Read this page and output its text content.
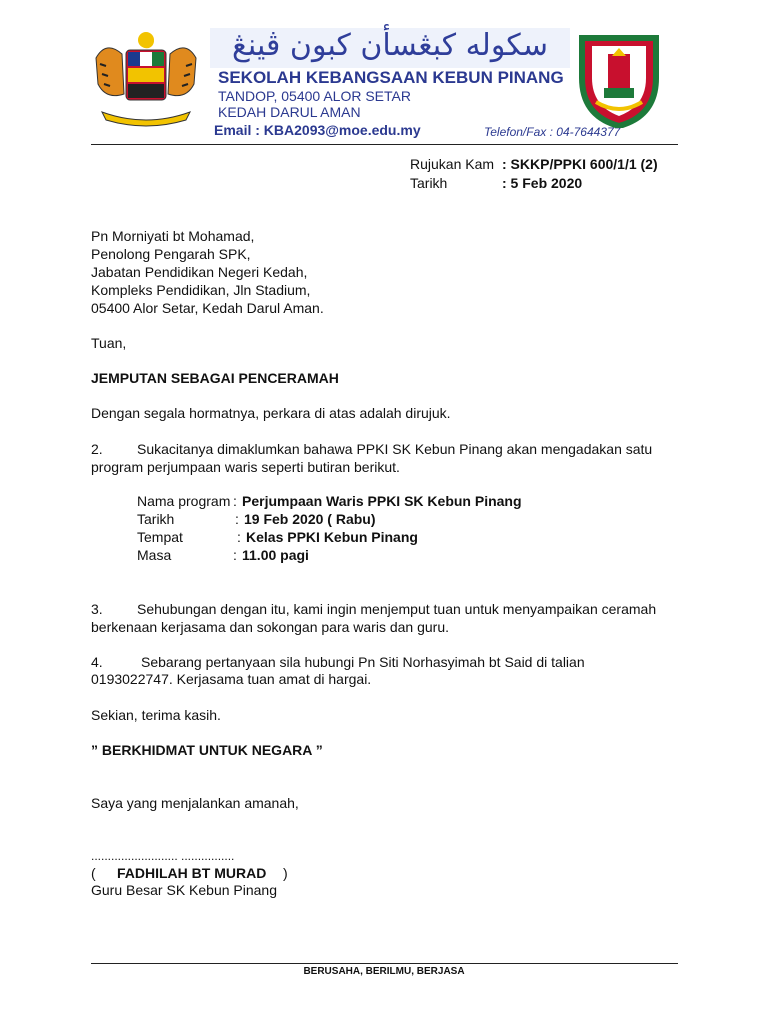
سكوله كبڠسأن كبون ڤينڠ
SEKOLAH KEBANGSAAN KEBUN PINANG
TANDOP, 05400 ALOR SETAR
KEDAH DARUL AMAN
Email : KBA2093@moe.edu.my	Telefon/Fax : 04-7644377
Rujukan Kam : SKKP/PPKI 600/1/1 (2)
Tarikh	: 5 Feb 2020
Pn Morniyati bt Mohamad,
Penolong Pengarah SPK,
Jabatan Pendidikan Negeri Kedah,
Kompleks Pendidikan, Jln Stadium,
05400 Alor Setar, Kedah Darul Aman.
Tuan,
JEMPUTAN SEBAGAI PENCERAMAH
Dengan segala hormatnya, perkara di atas adalah dirujuk.
2. Sukacitanya dimaklumkan bahawa PPKI SK Kebun Pinang akan mengadakan satu
program perjumpaan waris seperti butiran berikut.
Nama program : Perjumpaan Waris PPKI SK Kebun Pinang
Tarikh	: 19 Feb 2020 ( Rabu)
Tempat	: Kelas PPKI Kebun Pinang
Masa	: 11.00 pagi
3. Sehubungan dengan itu, kami ingin menjemput tuan untuk menyampaikan ceramah
berkenaan kerjasama dan sokongan para waris dan guru.
4.	Sebarang pertanyaan sila hubungi Pn Siti Norhasyimah bt Said di talian
0193022747. Kerjasama tuan amat di hargai.
Sekian, terima kasih.
” BERKHIDMAT UNTUK NEGARA ”
Saya yang menjalankan amanah,
.......................... ................
( FADHILAH BT MURAD )
Guru Besar SK Kebun Pinang
BERUSAHA, BERILMU, BERJASA
